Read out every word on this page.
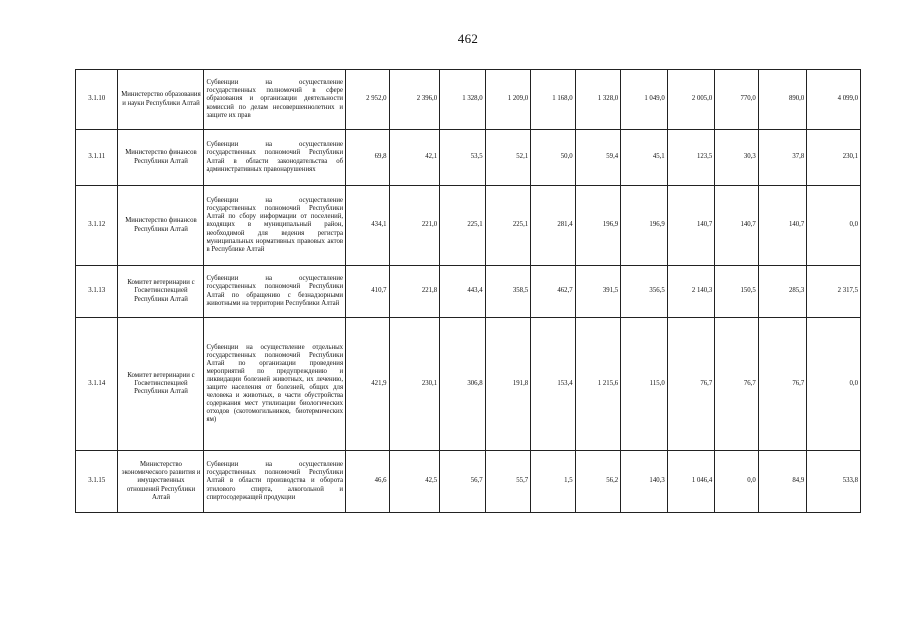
462
3.1.10	Министерство образования и науки Республики Алтай	Субвенции на осуществление государственных полномочий в сфере образования и организации деятельности комиссий по делам несовершеннолетних и защите их прав	2 952,0	2 396,0	1 328,0	1 209,0	1 168,0	1 328,0	1 049,0	2 005,0	770,0	890,0	4 099,0
3.1.11	Министерство финансов Республики Алтай	Субвенции на осуществление государственных полномочий Республики Алтай в области законодательства об административных правонарушениях	69,8	42,1	53,5	52,1	50,0	59,4	45,1	123,5	30,3	37,8	230,1
3.1.12	Министерство финансов Республики Алтай	Субвенции на осуществление государственных полномочий Республики Алтай по сбору информации от поселений, входящих в муниципальный район, необходимой для ведения регистра муниципальных нормативных правовых актов в Республике Алтай	434,1	221,0	225,1	225,1	281,4	196,9	196,9	140,7	140,7	140,7	0,0
3.1.13	Комитет ветеринарии с Госветинспекцией Республики Алтай	Субвенции на осуществление государственных полномочий Республики Алтай по обращению с безнадзорными животными на территории Республики Алтай	410,7	221,8	443,4	358,5	462,7	391,5	356,5	2 140,3	150,5	285,3	2 317,5
3.1.14	Комитет ветеринарии с Госветинспекцией Республики Алтай	Субвенции на осуществление отдельных государственных полномочий Республики Алтай по организации проведения мероприятий по предупреждению и ликвидации болезней животных, их лечению, защите населения от болезней, общих для человека и животных, в части обустройства содержания мест утилизации биологических отходов (скотомогильников, биотермических ям)	421,9	230,1	306,8	191,8	153,4	1 215,6	115,0	76,7	76,7	76,7	0,0
3.1.15	Министерство экономического развития и имущественных отношений Республики Алтай	Субвенции на осуществление государственных полномочий Республики Алтай в области производства и оборота этилового спирта, алкогольной и спиртосодержащей продукции	46,6	42,5	56,7	55,7	1,5	56,2	140,3	1 046,4	0,0	84,9	533,8
